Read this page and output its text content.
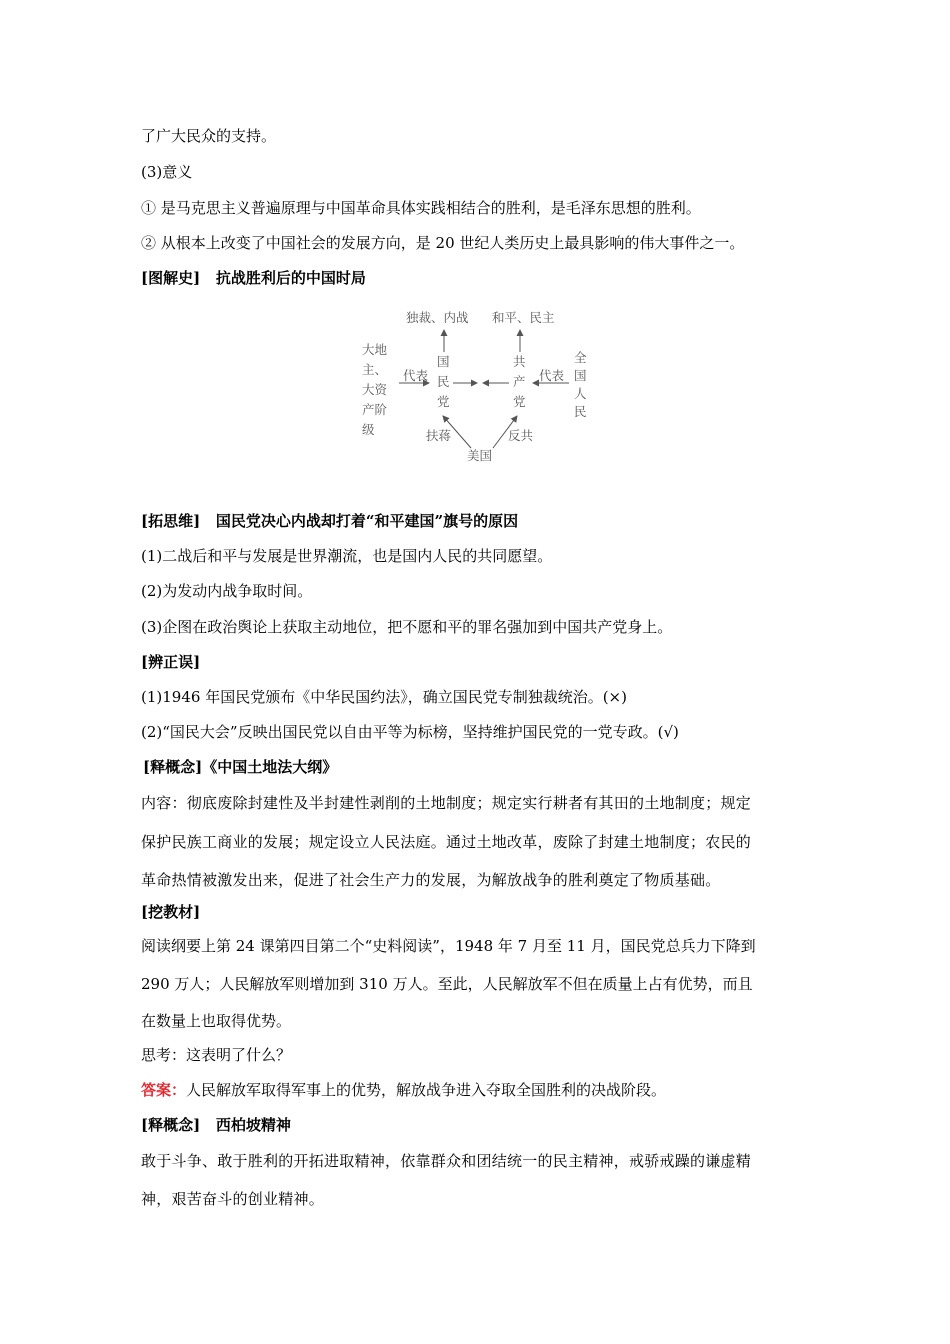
了广大民众的支持。

(3)意义

① 是马克思主义普遍原理与中国革命具体实践相结合的胜利，是毛泽东思想的胜利。

② 从根本上改变了中国社会的发展方向，是 20 世纪人类历史上最具影响的伟大事件之一。

[图解史] 抗战胜利后的中国时局

独裁、内战 和平、民主
大地
主、
大资
产阶
级
国
民
党
共
产
党
全
国
人
民
代表	代表
扶蒋	反共
美国

[拓思维] 国民党决心内战却打着“和平建国”旗号的原因

(1)二战后和平与发展是世界潮流，也是国内人民的共同愿望。

(2)为发动内战争取时间。

(3)企图在政治舆论上获取主动地位，把不愿和平的罪名强加到中国共产党身上。

[辨正误]

(1)1946 年国民党颁布《中华民国约法》，确立国民党专制独裁统治。(×)

(2)“国民大会”反映出国民党以自由平等为标榜，坚持维护国民党的一党专政。(√)

[释概念]《中国土地法大纲》

内容：彻底废除封建性及半封建性剥削的土地制度；规定实行耕者有其田的土地制度；规定

保护民族工商业的发展；规定设立人民法庭。通过土地改革，废除了封建土地制度；农民的

革命热情被激发出来，促进了社会生产力的发展，为解放战争的胜利奠定了物质基础。

[挖教材]

阅读纲要上第 24 课第四目第二个“史料阅读”，1948 年 7 月至 11 月，国民党总兵力下降到

290 万人；人民解放军则增加到 310 万人。至此，人民解放军不但在质量上占有优势，而且

在数量上也取得优势。

思考：这表明了什么？

答案：人民解放军取得军事上的优势，解放战争进入夺取全国胜利的决战阶段。

[释概念] 西柏坡精神

敢于斗争、敢于胜利的开拓进取精神，依靠群众和团结统一的民主精神，戒骄戒躁的谦虚精

神，艰苦奋斗的创业精神。
